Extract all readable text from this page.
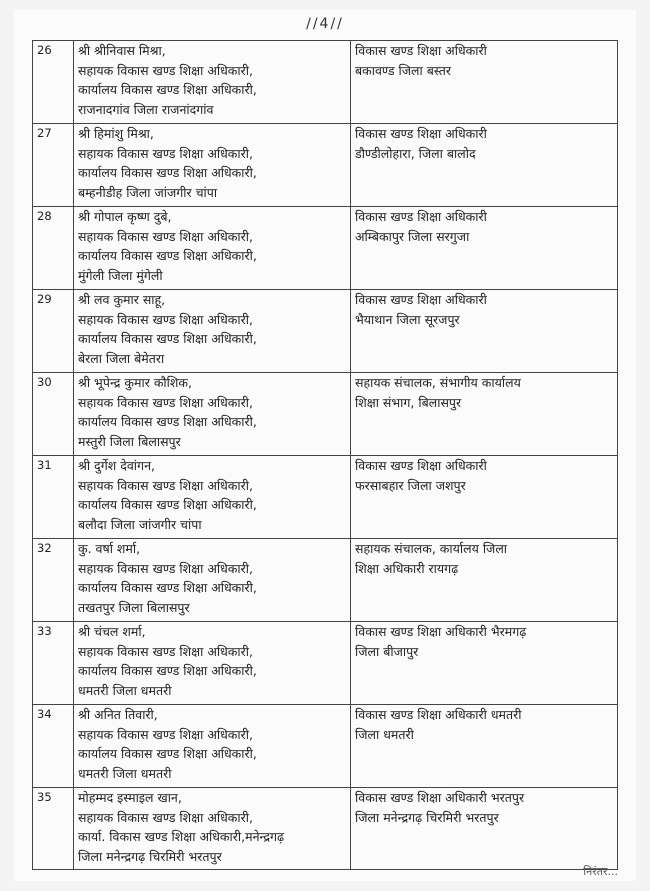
//4//
26	श्री श्रीनिवास मिश्रा,
सहायक विकास खण्ड शिक्षा अधिकारी,
कार्यालय विकास खण्ड शिक्षा अधिकारी,
राजनादगांव जिला राजनांदगांव	विकास खण्ड शिक्षा अधिकारी
बकावण्ड जिला बस्तर

27	श्री हिमांशु मिश्रा,
सहायक विकास खण्ड शिक्षा अधिकारी,
कार्यालय विकास खण्ड शिक्षा अधिकारी,
बम्हनीडीह जिला जांजगीर चांपा	विकास खण्ड शिक्षा अधिकारी
डौण्डीलोहारा, जिला बालोद

28	श्री गोपाल कृष्ण दुबे,
सहायक विकास खण्ड शिक्षा अधिकारी,
कार्यालय विकास खण्ड शिक्षा अधिकारी,
मुंगेली जिला मुंगेली	विकास खण्ड शिक्षा अधिकारी
अम्बिकापुर जिला सरगुजा

29	श्री लव कुमार साहू,
सहायक विकास खण्ड शिक्षा अधिकारी,
कार्यालय विकास खण्ड शिक्षा अधिकारी,
बेरला जिला बेमेतरा	विकास खण्ड शिक्षा अधिकारी
भैयाथान जिला सूरजपुर

30	श्री भूपेन्द्र कुमार कौशिक,
सहायक विकास खण्ड शिक्षा अधिकारी,
कार्यालय विकास खण्ड शिक्षा अधिकारी,
मस्तुरी जिला बिलासपुर	सहायक संचालक, संभागीय कार्यालय
शिक्षा संभाग, बिलासपुर

31	श्री दुर्गेश देवांगन,
सहायक विकास खण्ड शिक्षा अधिकारी,
कार्यालय विकास खण्ड शिक्षा अधिकारी,
बलौदा जिला जांजगीर चांपा	विकास खण्ड शिक्षा अधिकारी
फरसाबहार जिला जशपुर

32	कु. वर्षा शर्मा,
सहायक विकास खण्ड शिक्षा अधिकारी,
कार्यालय विकास खण्ड शिक्षा अधिकारी,
तखतपुर जिला बिलासपुर	सहायक संचालक, कार्यालय जिला
शिक्षा अधिकारी रायगढ़

33	श्री चंचल शर्मा,
सहायक विकास खण्ड शिक्षा अधिकारी,
कार्यालय विकास खण्ड शिक्षा अधिकारी,
धमतरी जिला धमतरी	विकास खण्ड शिक्षा अधिकारी भैरमगढ़
जिला बीजापुर

34	श्री अनित तिवारी,
सहायक विकास खण्ड शिक्षा अधिकारी,
कार्यालय विकास खण्ड शिक्षा अधिकारी,
धमतरी जिला धमतरी	विकास खण्ड शिक्षा अधिकारी धमतरी
जिला धमतरी

35	मोहम्मद इस्माइल खान,
सहायक विकास खण्ड शिक्षा अधिकारी,
कार्या. विकास खण्ड शिक्षा अधिकारी,मनेन्द्रगढ़
जिला मनेन्द्रगढ़ चिरमिरी भरतपुर	विकास खण्ड शिक्षा अधिकारी भरतपुर
जिला मनेन्द्रगढ़ चिरमिरी भरतपुर
निरंतर...
